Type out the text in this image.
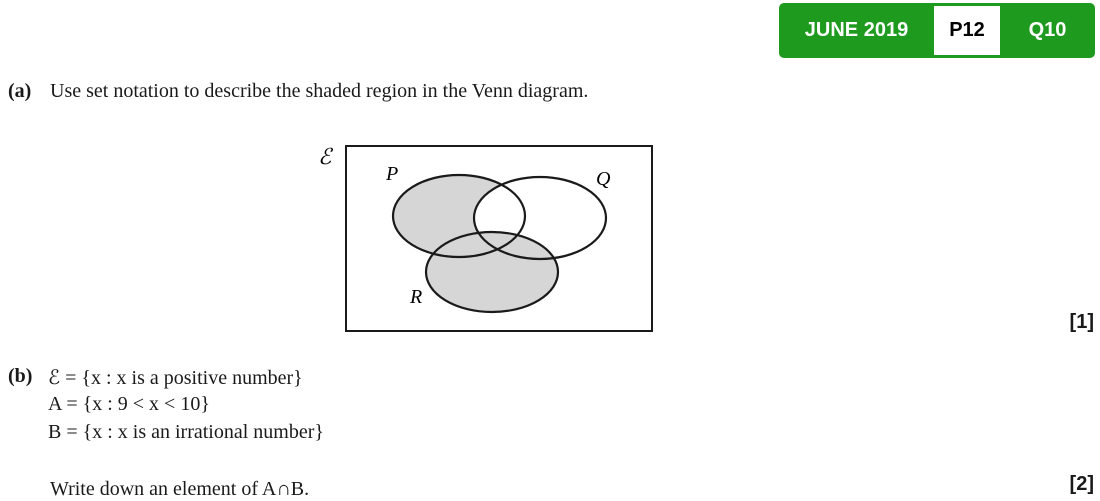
JUNE 2019	P12	Q10
(a) Use set notation to describe the shaded region in the Venn diagram.
ℰ
P	Q
R
[1]
(b) ℰ = {x : x is a positive number}
A = {x : 9 < x < 10}
B = {x : x is an irrational number}
Write down an element of A∩B.	[2]
